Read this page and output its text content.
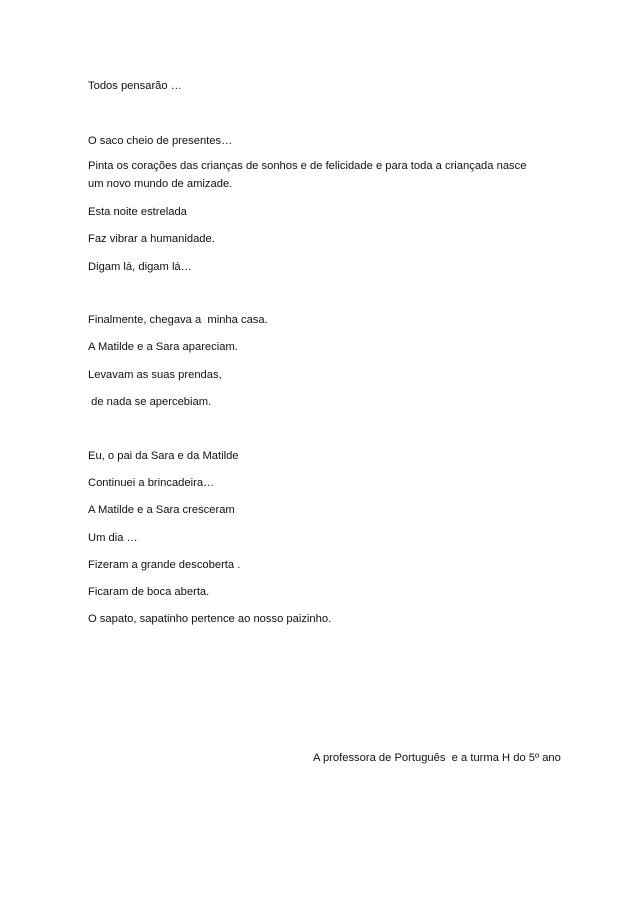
Todos pensarão …
O saco cheio de presentes…
Pinta os corações das crianças de sonhos e de felicidade e para toda a criançada nasce um novo mundo de amizade.
Esta noite estrelada
Faz vibrar a humanidade.
Digam lá, digam lá…
Finalmente, chegava a  minha casa.
A Matilde e a Sara apareciam.
Levavam as suas prendas,
de nada se apercebiam.
Eu, o pai da Sara e da Matilde
Continuei a brincadeira…
A Matilde e a Sara cresceram
Um dia …
Fizeram a grande descoberta .
Ficaram de boca aberta.
O sapato, sapatinho pertence ao nosso paizinho.
A professora de Português  e a turma H do 5º ano
